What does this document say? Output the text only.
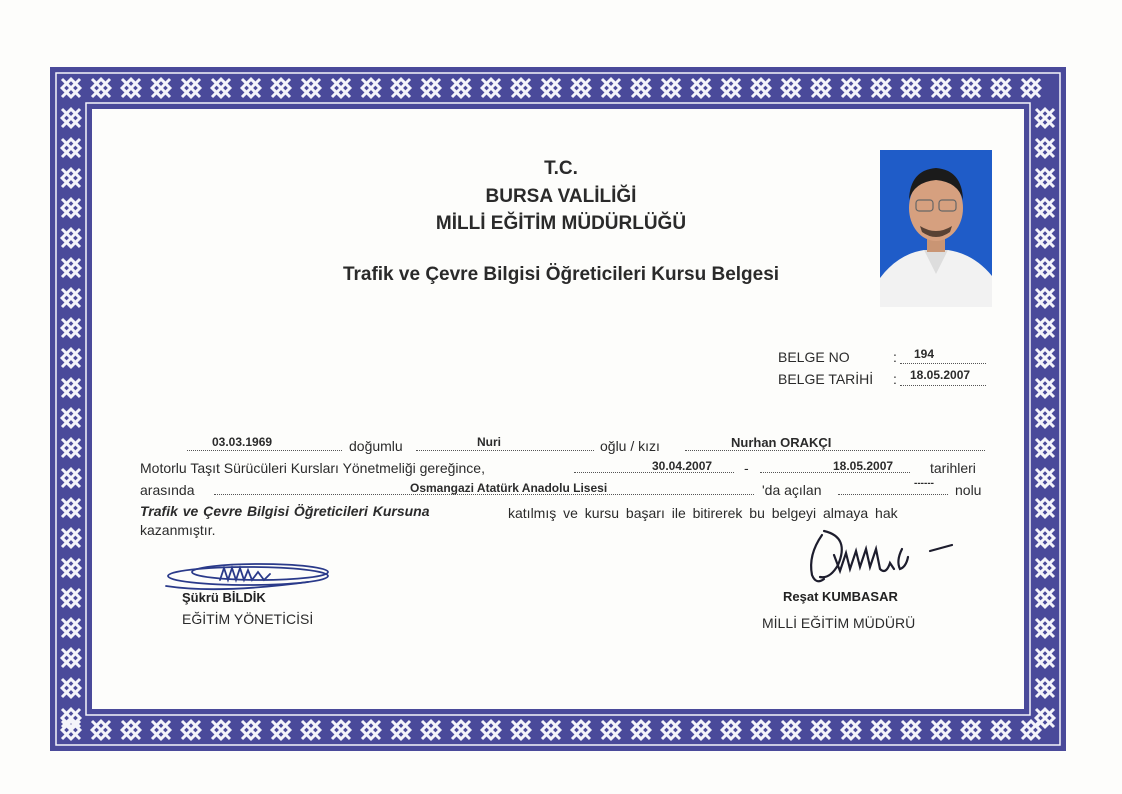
T.C.
BURSA VALİLİĞİ
MİLLİ EĞİTİM MÜDÜRLÜĞÜ
Trafik ve Çevre Bilgisi Öğreticileri Kursu Belgesi
BELGE NO	: 194
BELGE TARİHİ : 18.05.2007
03.03.1969	doğumlu	Nuri	oğlu / kızı	Nurhan ORAKÇI
Motorlu Taşıt Sürücüleri Kursları Yönetmeliği gereğince,	30.04.2007 -	18.05.2007	tarihleri
arasında	Osmangazi Atatürk Anadolu Lisesi	'da açılan	------ nolu
Trafik ve Çevre Bilgisi Öğreticileri Kursuna	katılmış ve kursu başarı ile bitirerek bu belgeyi almaya hak
kazanmıştır.
Şükrü BİLDİK
EĞİTİM YÖNETİCİSİ
Reşat KUMBASAR
MİLLİ EĞİTİM MÜDÜRÜ
